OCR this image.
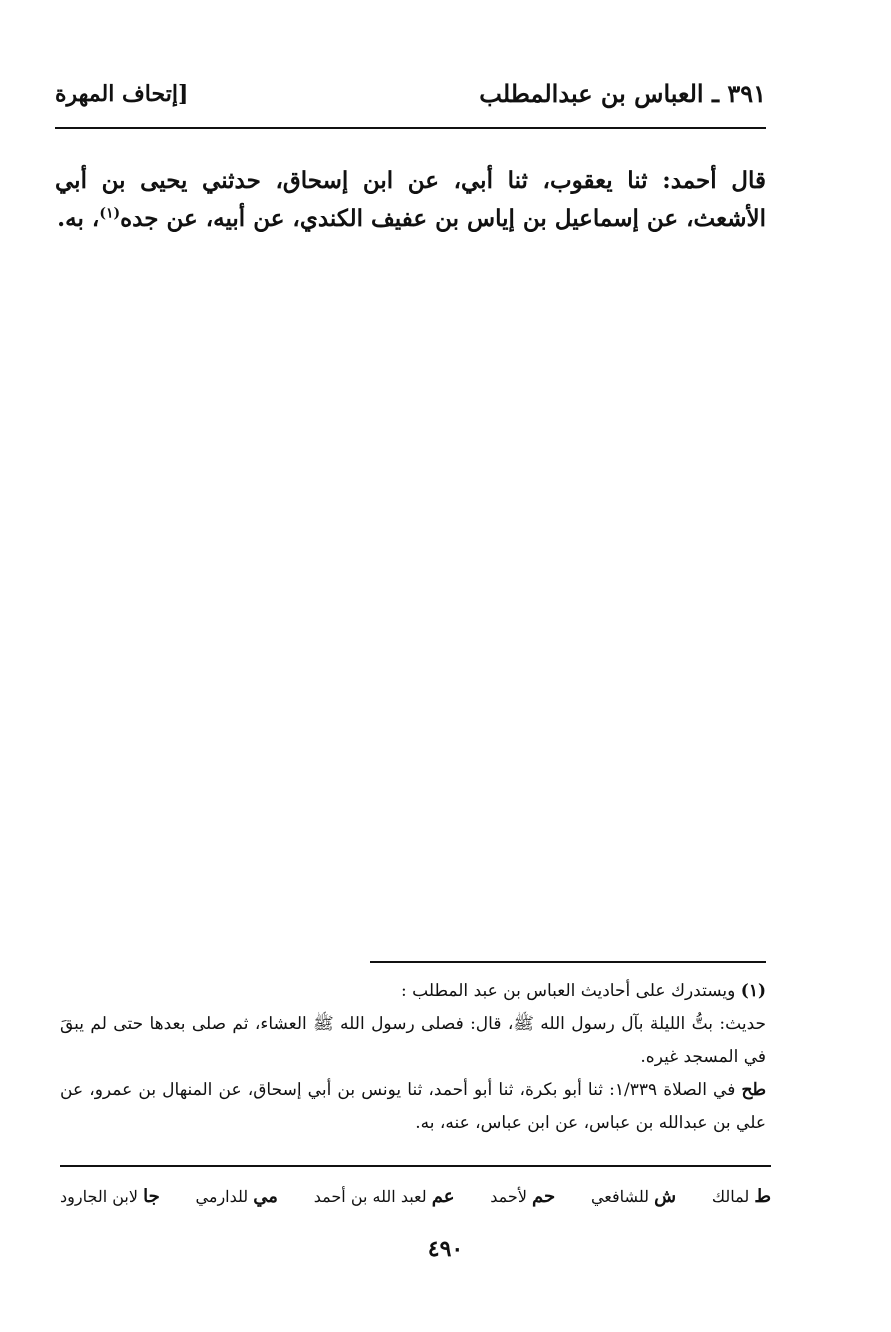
٣٩١ ـ العباس بن عبدالمطلب
[إتحاف المهرة
قال أحمد: ثنا يعقوب، ثنا أبي، عن ابن إسحاق، حدثني يحيى بن أبي الأشعث، عن إسماعيل بن إياس بن عفيف الكندي، عن أبيه، عن جده$^{(١)}$، به.

(١) ويستدرك على أحاديث العباس بن عبد المطلب :

حديث: بتُّ الليلة بآل رسول الله ﷺ، قال: فصلى رسول الله ﷺ العشاء، ثم صلى بعدها حتى لم يبقَ في المسجد غيره.

طح في الصلاة ١/٣٣٩: ثنا أبو بكرة، ثنا أبو أحمد، ثنا يونس بن أبي إسحاق، عن المنهال بن عمرو، عن علي بن عبدالله بن عباس، عن ابن عباس، عنه، به.

ط لمالك
ش للشافعي
حم لأحمد
عم لعبد الله بن أحمد
مي للدارمي
جا لابن الجارود
٤٩٠
